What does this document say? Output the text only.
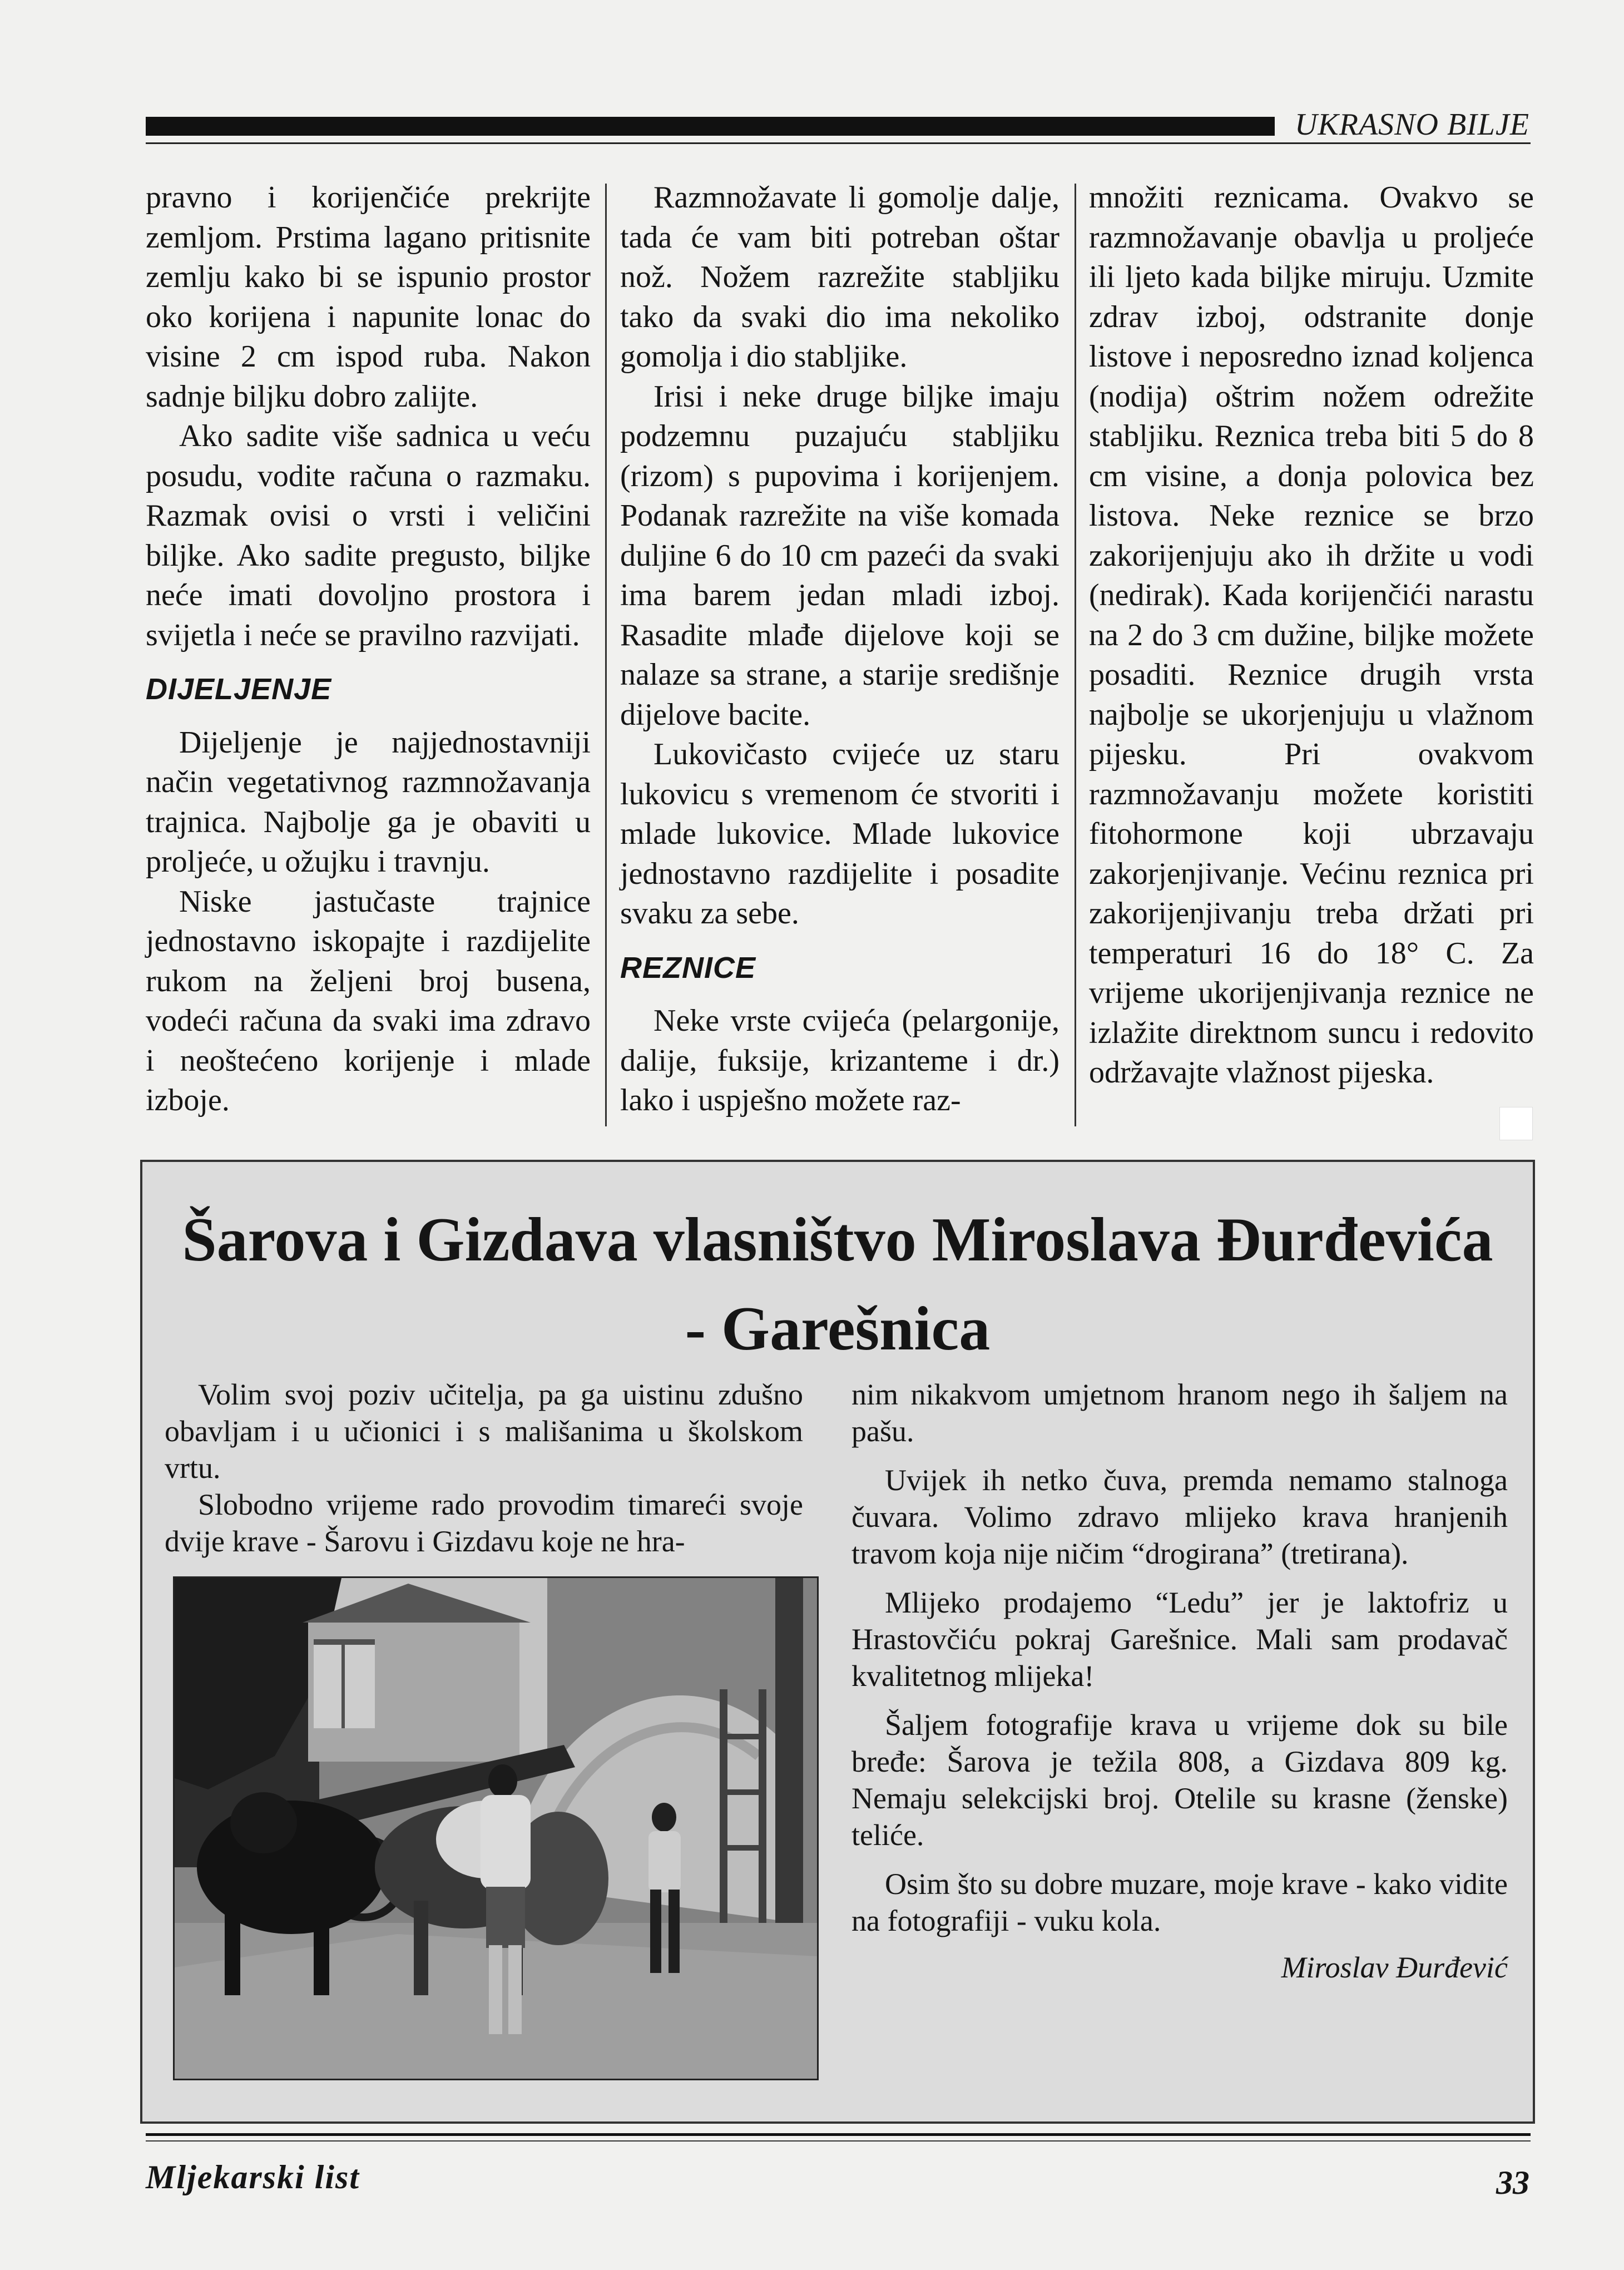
UKRASNO BILJE

pravno i korijenčiće prekrijte zemljom. Prstima lagano pritisnite zemlju kako bi se ispunio prostor oko korijena i napunite lonac do visine 2 cm ispod ruba. Nakon sadnje biljku dobro zalijte.

Ako sadite više sadnica u veću posudu, vodite računa o razmaku. Razmak ovisi o vrsti i veličini biljke. Ako sadite pregusto, biljke neće imati dovoljno prostora i svijetla i neće se pravilno razvijati.

DIJELJENJE

Dijeljenje je najjednostavniji način vegetativnog razmnožavanja trajnica. Najbolje ga je obaviti u proljeće, u ožujku i travnju.

Niske jastučaste trajnice jednostavno iskopajte i razdijelite rukom na željeni broj busena, vodeći računa da svaki ima zdravo i neoštećeno korijenje i mlade izboje.

Razmnožavate li gomolje dalje, tada će vam biti potreban oštar nož. Nožem razrežite stabljiku tako da svaki dio ima nekoliko gomolja i dio stabljike.

Irisi i neke druge biljke imaju podzemnu puzajuću stabljiku (rizom) s pupovima i korijenjem. Podanak razrežite na više komada duljine 6 do 10 cm pazeći da svaki ima barem jedan mladi izboj. Rasadite mlađe dijelove koji se nalaze sa strane, a starije središnje dijelove bacite.

Lukovičasto cvijeće uz staru lukovicu s vremenom će stvoriti i mlade lukovice. Mlade lukovice jednostavno razdijelite i posadite svaku za sebe.

REZNICE

Neke vrste cvijeća (pelargonije, dalije, fuksije, krizanteme i dr.) lako i uspješno možete raz-

množiti reznicama. Ovakvo se razmnožavanje obavlja u proljeće ili ljeto kada biljke miruju. Uzmite zdrav izboj, odstranite donje listove i neposredno iznad koljenca (nodija) oštrim nožem odrežite stabljiku. Reznica treba biti 5 do 8 cm visine, a donja polovica bez listova. Neke reznice se brzo zakorijenjuju ako ih držite u vodi (nedirak). Kada korijenčići narastu na 2 do 3 cm dužine, biljke možete posaditi. Reznice drugih vrsta najbolje se ukorjenjuju u vlažnom pijesku. Pri ovakvom razmnožavanju možete koristiti fitohormone koji ubrzavaju zakorjenjivanje. Većinu reznica pri zakorijenjivanju treba držati pri temperaturi 16 do 18° C. Za vrijeme ukorijenjivanja reznice ne izlažite direktnom suncu i redovito održavajte vlažnost pijeska.

Šarova i Gizdava vlasništvo Miroslava Đurđevića
- Garešnica

Volim svoj poziv učitelja, pa ga uistinu zdušno obavljam i u učionici i s mališanima u školskom vrtu.

Slobodno vrijeme rado provodim timareći svoje dvije krave - Šarovu i Gizdavu koje ne hra-

nim nikakvom umjetnom hranom nego ih šaljem na pašu.

Uvijek ih netko čuva, premda nemamo stalnoga čuvara. Volimo zdravo mlijeko krava hranjenih travom koja nije ničim “drogirana” (tretirana).

Mlijeko prodajemo “Ledu” jer je laktofriz u Hrastovčiću pokraj Garešnice. Mali sam prodavač kvalitetnog mlijeka!

Šaljem fotografije krava u vrijeme dok su bile bređe: Šarova je težila 808, a Gizdava 809 kg. Nemaju selekcijski broj. Otelile su krasne (ženske) teliće.

Osim što su dobre muzare, moje krave - kako vidite na fotografiji - vuku kola.

Miroslav Đurđević

Mljekarski list	33
